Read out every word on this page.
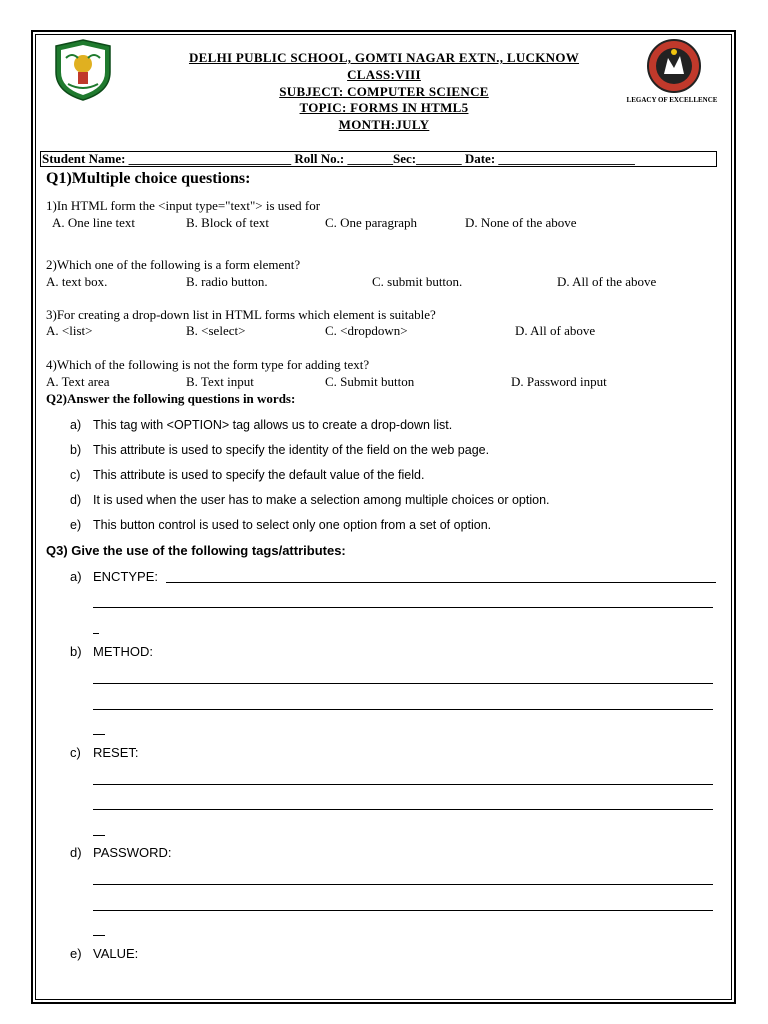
LEGACY OF EXCELLENCE
DELHI PUBLIC SCHOOL, GOMTI NAGAR EXTN., LUCKNOW
CLASS:VIII
SUBJECT: COMPUTER SCIENCE
TOPIC: FORMS IN HTML5
MONTH:JULY
Student Name: _________________________ Roll No.: _______Sec:_______ Date: _____________________
Q1)Multiple choice questions:
1)In HTML form the <input type="text"> is used for
A. One line text	B. Block of text	C. One paragraph	D. None of the above
2)Which one of the following is a form element?
A. text box.	B. radio button.	C. submit button.	D. All of the above
3)For creating a drop-down list in HTML forms which element is suitable?
A. <list>	B. <select>	C. <dropdown>	D. All of above
4)Which of the following is not the form type for adding text?
A. Text area	B. Text input	C. Submit button	D. Password input
Q2)Answer the following questions in words:
a) This tag with <OPTION> tag allows us to create a drop-down list.
b) This attribute is used to specify the identity of the field on the web page.
c) This attribute is used to specify the default value of the field.
d) It is used when the user has to make a selection among multiple choices or option.
e) This button control is used to select only one option from a set of option.
Q3) Give the use of the following tags/attributes:
a) ENCTYPE:
b) METHOD:
c) RESET:
d) PASSWORD:
e) VALUE:
